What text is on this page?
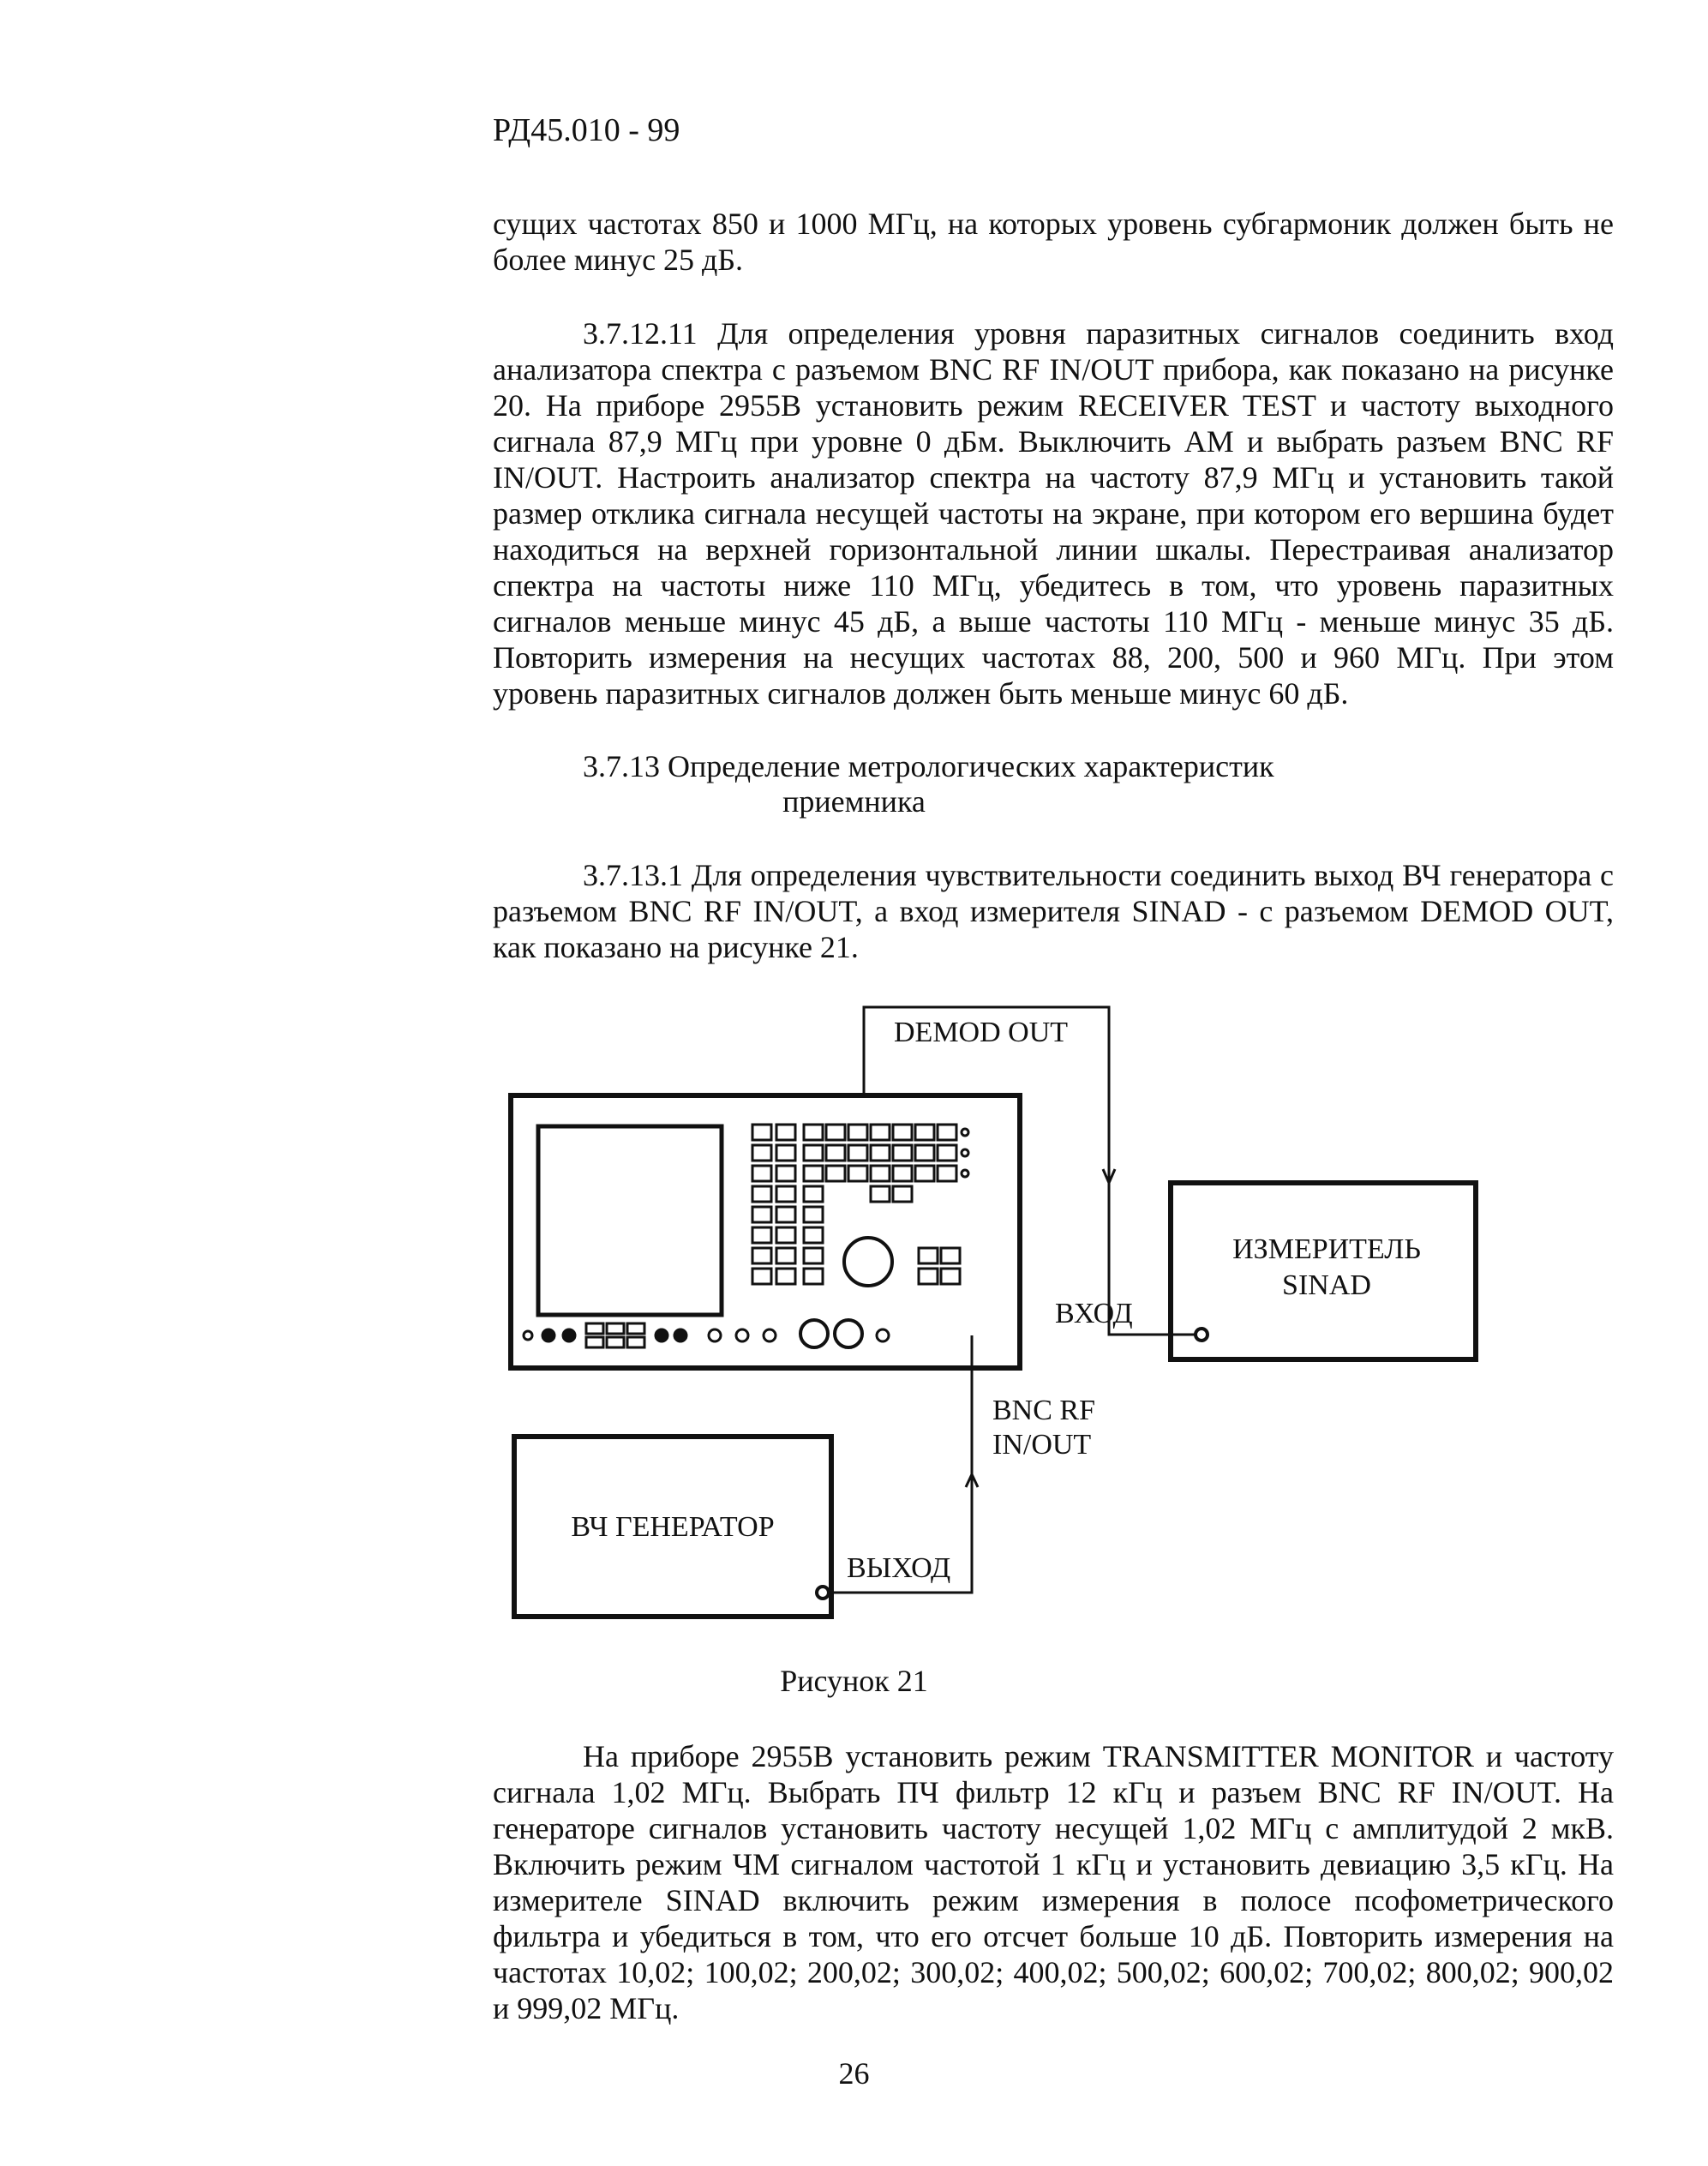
РД45.010 - 99

сущих частотах 850 и 1000 МГц, на которых уровень субгармоник должен быть не более минус 25 дБ.

3.7.12.11 Для определения уровня паразитных сигналов соединить вход анализатора спектра с разъемом BNC RF IN/OUT прибора, как показано на рисунке 20. На приборе 2955B установить режим RECEIVER TEST и частоту выходного сигнала 87,9 МГц при уровне 0 дБм. Выключить АМ и выбрать разъем BNC RF IN/OUT. Настроить анализатор спектра на частоту 87,9 МГц и установить такой размер отклика сигнала несущей частоты на экране, при котором его вершина будет находиться на верхней горизонтальной линии шкалы. Перестраивая анализатор спектра на частоты ниже 110 МГц, убедитесь в том, что уровень паразитных сигналов меньше минус 45 дБ, а выше частоты 110 МГц - меньше минус 35 дБ. Повторить измерения на несущих частотах 88, 200, 500 и 960 МГц. При этом уровень паразитных сигналов должен быть меньше минус 60 дБ.

3.7.13 Определение метрологических характеристик
приемника

3.7.13.1 Для определения чувствительности соединить выход ВЧ генератора с разъемом BNC RF IN/OUT, а вход измерителя SINAD - с разъемом DEMOD OUT, как показано на рисунке 21.

DEMOD OUT
ВХОД
ИЗМЕРИТЕЛЬ
SINAD
BNC RF
IN/OUT
ВЧ ГЕНЕРАТОР
ВЫХОД
Рисунок 21

На приборе 2955B установить режим TRANSMITTER MONITOR и частоту сигнала 1,02 МГц. Выбрать ПЧ фильтр 12 кГц и разъем BNC RF IN/OUT. На генераторе сигналов установить частоту несущей 1,02 МГц с амплитудой 2 мкВ. Включить режим ЧМ сигналом частотой 1 кГц и установить девиацию 3,5 кГц. На измерителе SINAD включить режим измерения в полосе псофометрического фильтра и убедиться в том, что его отсчет больше 10 дБ. Повторить измерения на частотах 10,02; 100,02; 200,02; 300,02; 400,02; 500,02; 600,02; 700,02; 800,02; 900,02 и 999,02 МГц.

26
